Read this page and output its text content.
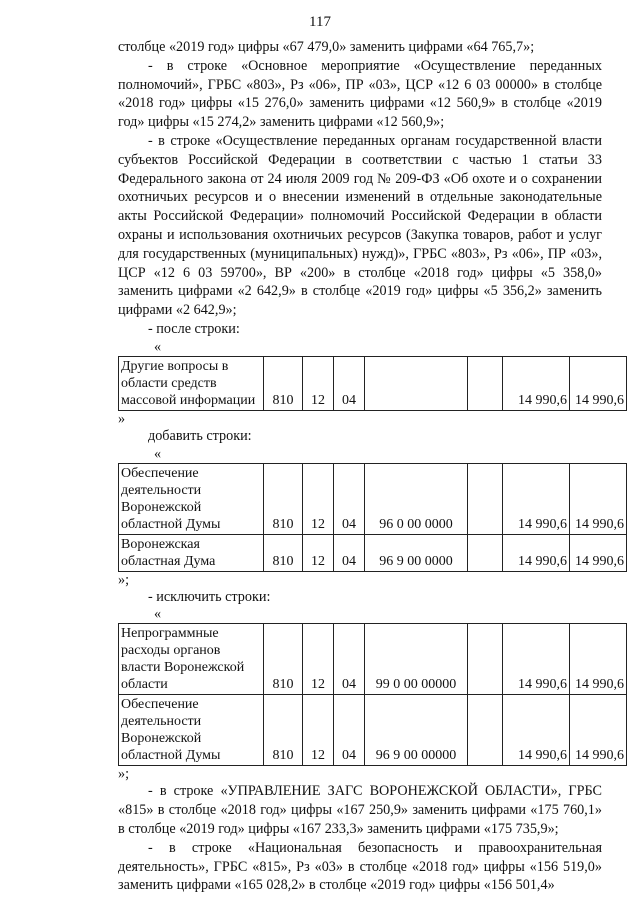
117

столбце «2019 год» цифры «67 479,0» заменить цифрами «64 765,7»;

- в строке «Основное мероприятие «Осуществление переданных полномочий», ГРБС «803», Рз «06», ПР «03», ЦСР «12 6 03 00000» в столбце «2018 год» цифры «15 276,0» заменить цифрами «12 560,9» в столбце «2019 год» цифры «15 274,2» заменить цифрами «12 560,9»;

- в строке «Осуществление переданных органам государственной власти субъектов Российской Федерации в соответствии с частью 1 статьи 33 Федерального закона от 24 июля 2009 год № 209-ФЗ «Об охоте и о сохранении охотничьих ресурсов и о внесении изменений в отдельные законодательные акты Российской Федерации» полномочий Российской Федерации в области охраны и использования охотничьих ресурсов (Закупка товаров, работ и услуг для государственных (муниципальных) нужд)», ГРБС «803», Рз «06», ПР «03», ЦСР «12 6 03 59700», ВР «200» в столбце «2018 год» цифры «5 358,0» заменить цифрами «2 642,9» в столбце «2019 год» цифры «5 356,2» заменить цифрами «2 642,9»;

- после строки:

«

Другие вопросы в области средств массовой информации	810	12	04			14 990,6	14 990,6

»

добавить строки:

«

Обеспечение деятельности Воронежской областной Думы	810	12	04	96 0 00 0000		14 990,6	14 990,6
Воронежская областная Дума	810	12	04	96 9 00 0000		14 990,6	14 990,6

»;

- исключить строки:

«

Непрограммные расходы органов власти Воронежской области	810	12	04	99 0 00 00000		14 990,6	14 990,6
Обеспечение деятельности Воронежской областной Думы	810	12	04	96 9 00 00000		14 990,6	14 990,6

»;

- в строке «УПРАВЛЕНИЕ ЗАГС ВОРОНЕЖСКОЙ ОБЛАСТИ», ГРБС «815» в столбце «2018 год» цифры «167 250,9» заменить цифрами «175 760,1» в столбце «2019 год» цифры «167 233,3» заменить цифрами «175 735,9»;

- в строке «Национальная безопасность и правоохранительная деятельность», ГРБС «815», Рз «03» в столбце «2018 год» цифры «156 519,0» заменить цифрами «165 028,2» в столбце «2019 год» цифры «156 501,4»
